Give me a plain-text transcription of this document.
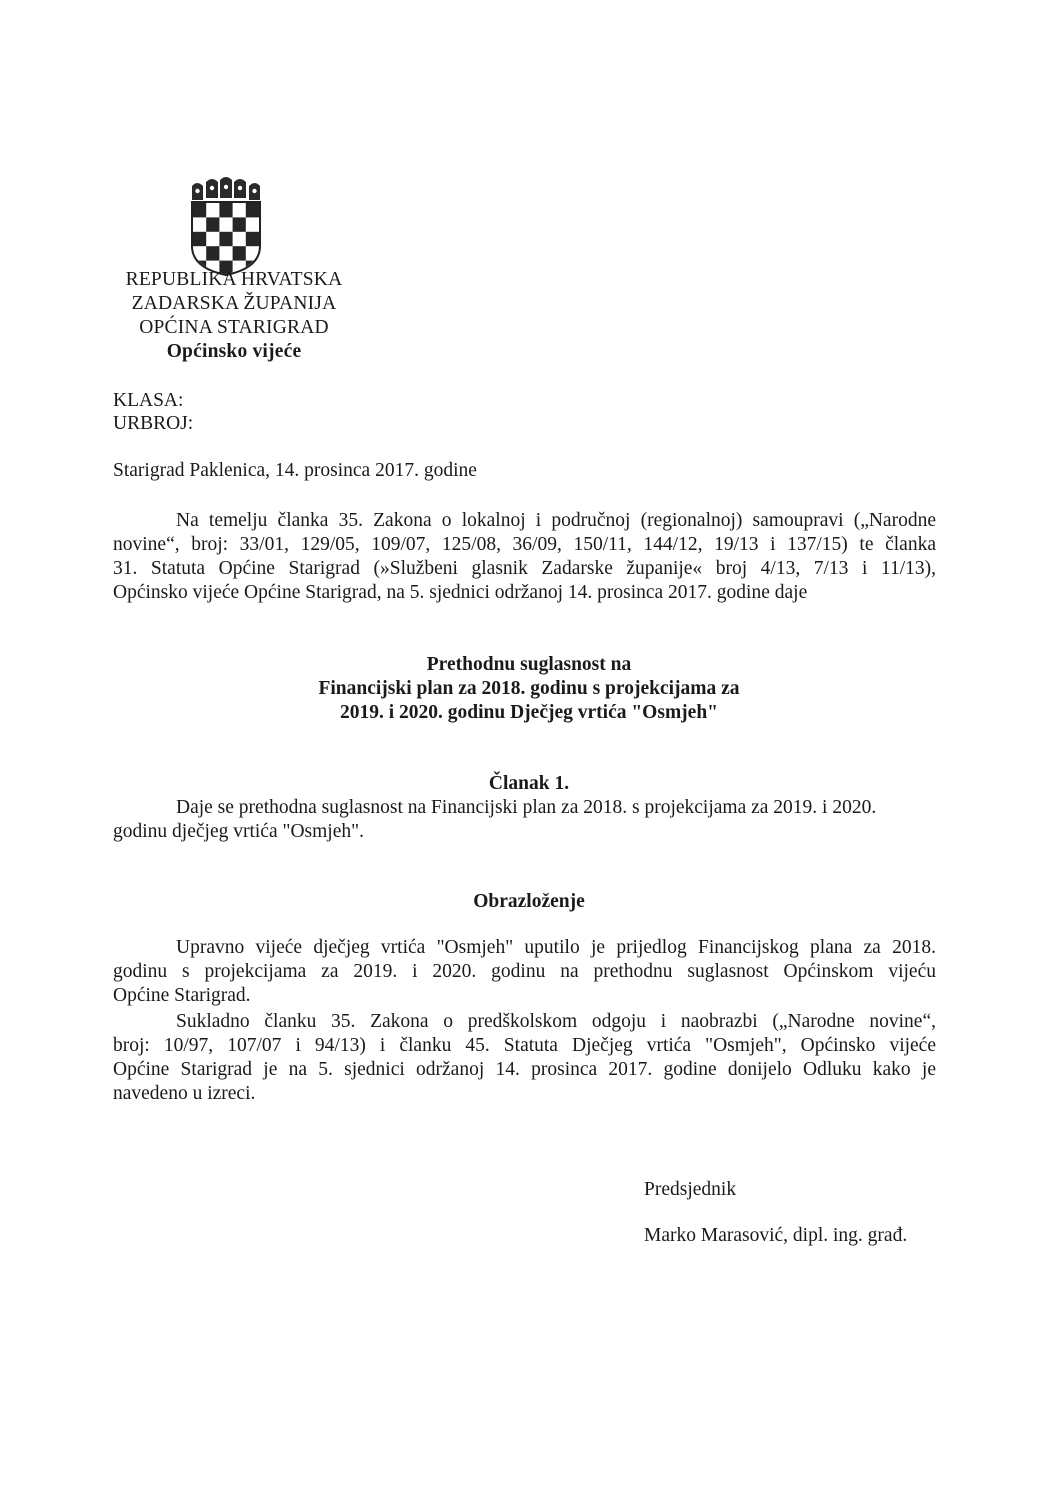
REPUBLIKA HRVATSKA
ZADARSKA ŽUPANIJA
OPĆINA STARIGRAD
Općinsko vijeće
KLASA:
URBROJ:
Starigrad Paklenica, 14. prosinca 2017. godine
Na temelju članka 35. Zakona o lokalnoj i područnoj (regionalnoj) samoupravi („Narodne
novine“, broj: 33/01, 129/05, 109/07, 125/08, 36/09, 150/11, 144/12, 19/13 i 137/15) te članka
31. Statuta Općine Starigrad (»Službeni glasnik Zadarske županije« broj 4/13, 7/13 i 11/13),
Općinsko vijeće Općine Starigrad, na 5. sjednici održanoj 14. prosinca 2017. godine daje
Prethodnu suglasnost na
Financijski plan za 2018. godinu s projekcijama za
2019. i 2020. godinu Dječjeg vrtića "Osmjeh"
Članak 1.
Daje se prethodna suglasnost na Financijski plan za 2018. s projekcijama za 2019. i 2020.
godinu dječjeg vrtića "Osmjeh".
Obrazloženje
Upravno vijeće dječjeg vrtića "Osmjeh" uputilo je prijedlog Financijskog plana za 2018.
godinu s projekcijama za 2019. i 2020. godinu na prethodnu suglasnost Općinskom vijeću
Općine Starigrad.
Sukladno članku 35. Zakona o predškolskom odgoju i naobrazbi („Narodne novine“,
broj: 10/97, 107/07 i 94/13) i članku 45. Statuta Dječjeg vrtića "Osmjeh", Općinsko vijeće
Općine Starigrad je na 5. sjednici održanoj 14. prosinca 2017. godine donijelo Odluku kako je
navedeno u izreci.
Predsjednik
Marko Marasović, dipl. ing. građ.
